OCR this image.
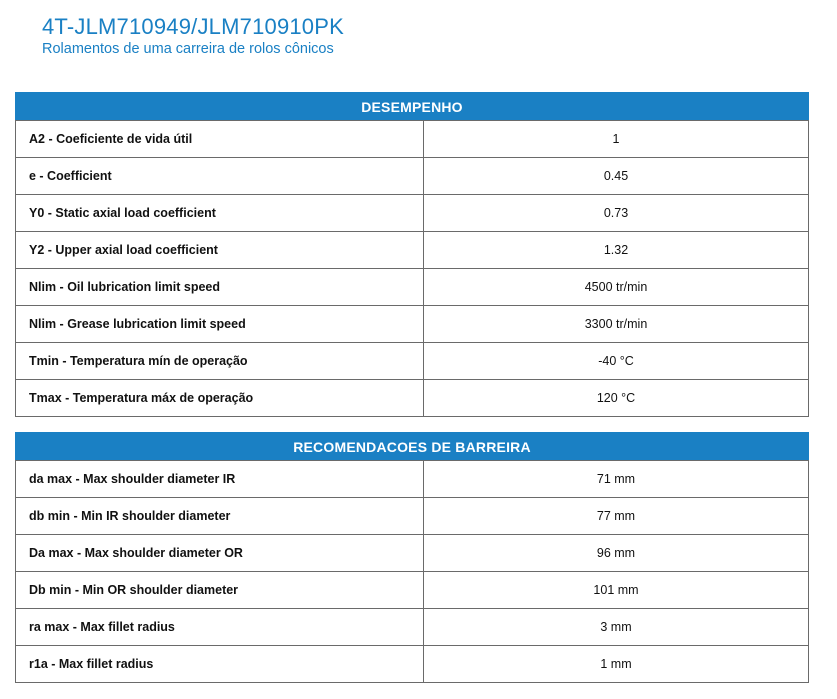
4T-JLM710949/JLM710910PK
Rolamentos de uma carreira de rolos cônicos
DESEMPENHO
A2 - Coeficiente de vida útil	1
e - Coefficient	0.45
Y0 - Static axial load coefficient	0.73
Y2 - Upper axial load coefficient	1.32
Nlim - Oil lubrication limit speed	4500 tr/min
Nlim - Grease lubrication limit speed	3300 tr/min
Tmin - Temperatura mín de operação	-40 °C
Tmax - Temperatura máx de operação	120 °C
RECOMENDACOES DE BARREIRA
da max - Max shoulder diameter IR	71 mm
db min - Min IR shoulder diameter	77 mm
Da max - Max shoulder diameter OR	96 mm
Db min - Min OR shoulder diameter	101 mm
ra max - Max fillet radius	3 mm
r1a - Max fillet radius	1 mm
